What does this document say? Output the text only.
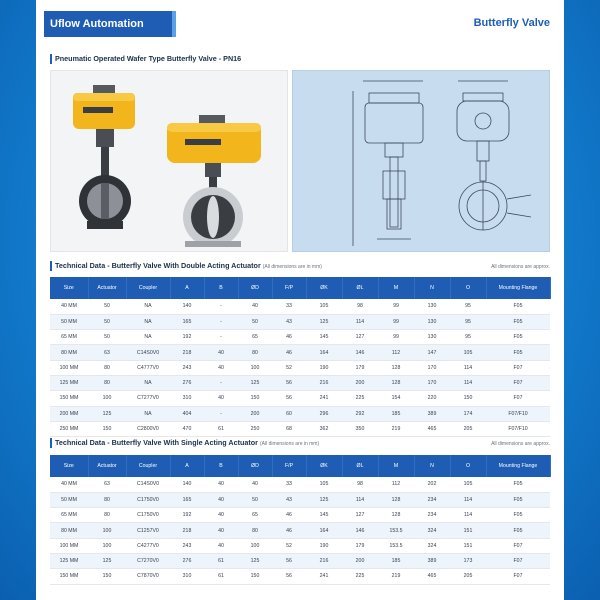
Uflow Automation	Butterfly Valve
Pneumatic Operated Wafer Type Butterfly Valve - PN16
Technical Data - Butterfly Valve With Double Acting Actuator (All dimensions are in mm)	All dimensions are approx.
Size	Actuator	Coupler	A	B	ØD	F/P	ØK	ØL	M	N	O	Mounting Flange
40 MM	50	NA	140	-	40	33	105	98	99	130	95	F05
50 MM	50	NA	165	-	50	43	125	114	99	130	95	F05
65 MM	50	NA	192	-	65	46	145	127	99	130	95	F05
80 MM	63	C14S0V0	218	40	80	46	164	146	112	147	105	F05
100 MM	80	C4777V0	243	40	100	52	190	179	128	170	114	F07
125 MM	80	NA	276	-	125	56	216	200	128	170	114	F07
150 MM	100	C7277V0	310	40	150	56	241	225	154	220	150	F07
200 MM	125	NA	404	-	200	60	296	292	185	389	174	F07/F10
250 MM	150	C2800V0	470	61	250	68	362	350	219	465	205	F07/F10
Technical Data - Butterfly Valve With Single Acting Actuator (All dimensions are in mm)	All dimensions are approx.
Size	Actuator	Coupler	A	B	ØD	F/P	ØK	ØL	M	N	O	Mounting Flange
40 MM	63	C14S0V0	140	40	40	33	105	98	112	202	105	F05
50 MM	80	C1750V0	165	40	50	43	125	114	128	234	114	F05
65 MM	80	C1750V0	192	40	65	46	145	127	128	234	114	F05
80 MM	100	C1257V0	218	40	80	46	164	146	153.5	324	151	F05
100 MM	100	C4277V0	243	40	100	52	190	179	153.5	324	151	F07
125 MM	125	C7270V0	276	61	125	56	216	200	185	389	173	F07
150 MM	150	C7870V0	310	61	150	56	241	225	219	465	205	F07
